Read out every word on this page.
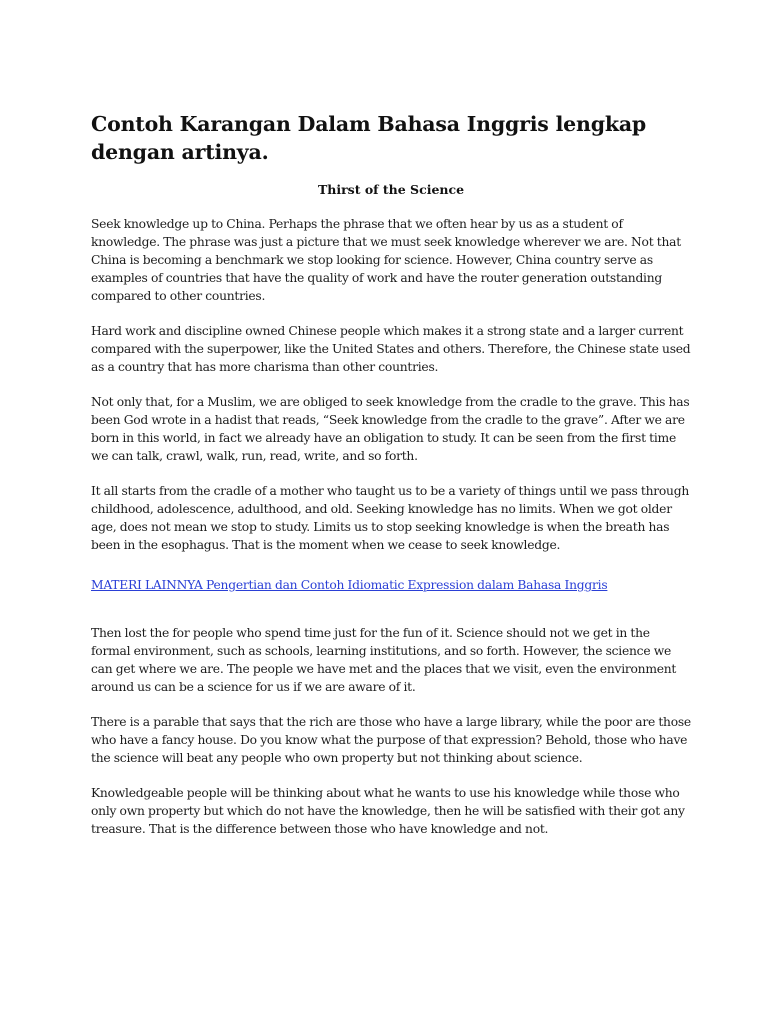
Contoh Karangan Dalam Bahasa Inggris lengkap dengan artinya.
Thirst of the Science

Seek knowledge up to China. Perhaps the phrase that we often hear by us as a student of knowledge. The phrase was just a picture that we must seek knowledge wherever we are. Not that China is becoming a benchmark we stop looking for science. However, China country serve as examples of countries that have the quality of work and have the router generation outstanding compared to other countries.

Hard work and discipline owned Chinese people which makes it a strong state and a larger current compared with the superpower, like the United States and others. Therefore, the Chinese state used as a country that has more charisma than other countries.

Not only that, for a Muslim, we are obliged to seek knowledge from the cradle to the grave. This has been God wrote in a hadist that reads, “Seek knowledge from the cradle to the grave”. After we are born in this world, in fact we already have an obligation to study. It can be seen from the first time we can talk, crawl, walk, run, read, write, and so forth.

It all starts from the cradle of a mother who taught us to be a variety of things until we pass through childhood, adolescence, adulthood, and old. Seeking knowledge has no limits. When we got older age, does not mean we stop to study. Limits us to stop seeking knowledge is when the breath has been in the esophagus. That is the moment when we cease to seek knowledge.

MATERI LAINNYA Pengertian dan Contoh Idiomatic Expression dalam Bahasa Inggris

Then lost the for people who spend time just for the fun of it. Science should not we get in the formal environment, such as schools, learning institutions, and so forth. However, the science we can get where we are. The people we have met and the places that we visit, even the environment around us can be a science for us if we are aware of it.

There is a parable that says that the rich are those who have a large library, while the poor are those who have a fancy house. Do you know what the purpose of that expression? Behold, those who have the science will beat any people who own property but not thinking about science.

Knowledgeable people will be thinking about what he wants to use his knowledge while those who only own property but which do not have the knowledge, then he will be satisfied with their got any treasure. That is the difference between those who have knowledge and not.
